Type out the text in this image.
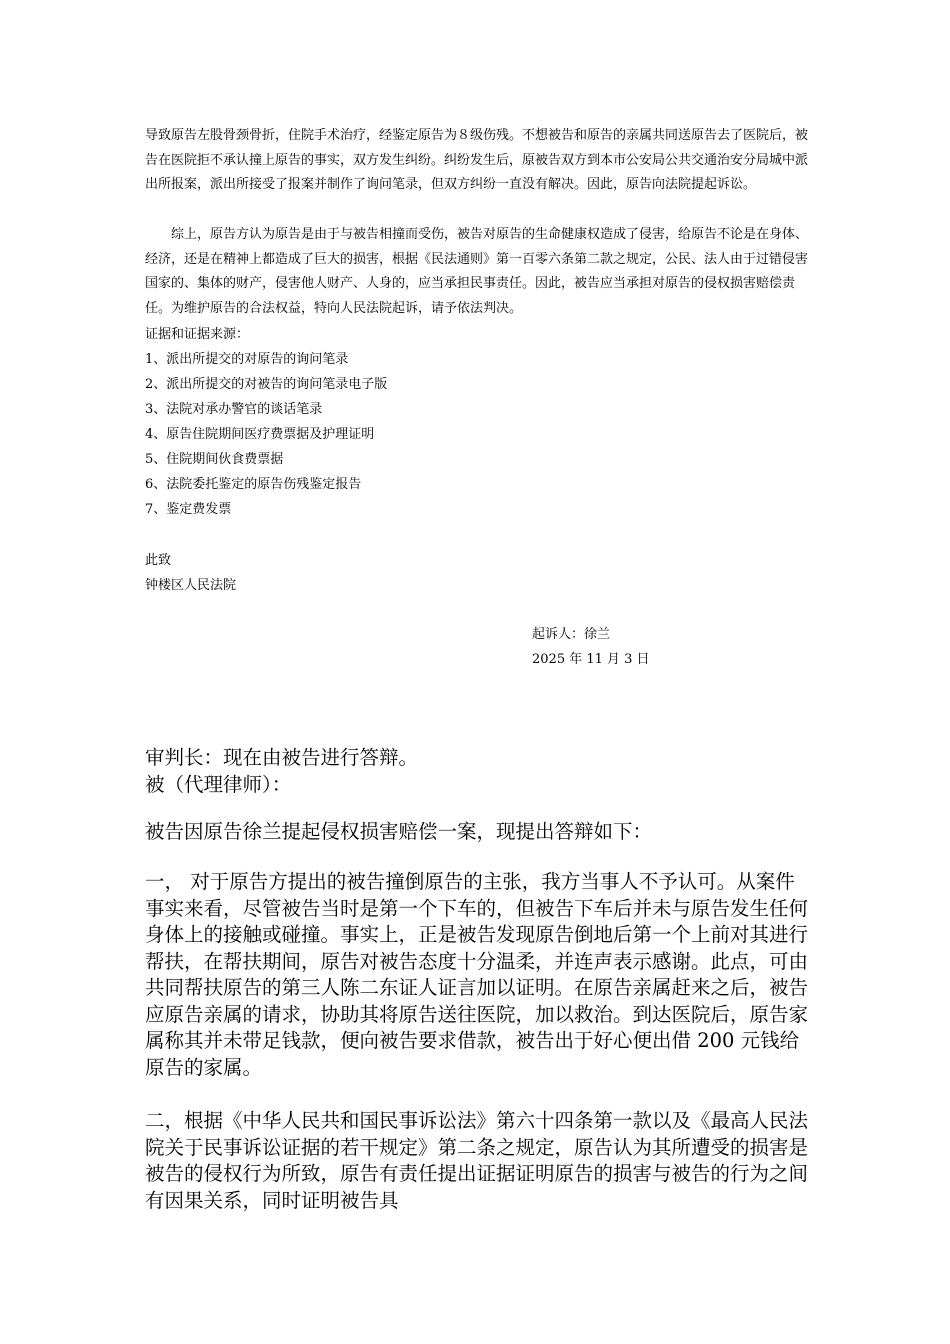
导致原告左股骨颈骨折，住院手术治疗，经鉴定原告为８级伤残。不想被告和原告的亲属共同送原告去了医院后，被告在医院拒不承认撞上原告的事实，双方发生纠纷。纠纷发生后，原被告双方到本市公安局公共交通治安分局城中派出所报案，派出所接受了报案并制作了询问笔录，但双方纠纷一直没有解决。因此，原告向法院提起诉讼。

综上，原告方认为原告是由于与被告相撞而受伤，被告对原告的生命健康权造成了侵害，给原告不论是在身体、经济，还是在精神上都造成了巨大的损害，根据《民法通则》第一百零六条第二款之规定，公民、法人由于过错侵害国家的、集体的财产，侵害他人财产、人身的，应当承担民事责任。因此，被告应当承担对原告的侵权损害赔偿责任。为维护原告的合法权益，特向人民法院起诉，请予依法判决。

证据和证据来源：
1、派出所提交的对原告的询问笔录
2、派出所提交的对被告的询问笔录电子版
3、法院对承办警官的谈话笔录
4、原告住院期间医疗费票据及护理证明
5、住院期间伙食费票据
6、法院委托鉴定的原告伤残鉴定报告
7、鉴定费发票
此致
钟楼区人民法院
起诉人：徐兰
2025 年 11 月 3 日
审判长：现在由被告进行答辩。
被（代理律师）：

被告因原告徐兰提起侵权损害赔偿一案，现提出答辩如下：

一， 对于原告方提出的被告撞倒原告的主张，我方当事人不予认可。从案件事实来看，尽管被告当时是第一个下车的，但被告下车后并未与原告发生任何身体上的接触或碰撞。事实上，正是被告发现原告倒地后第一个上前对其进行帮扶，在帮扶期间，原告对被告态度十分温柔，并连声表示感谢。此点，可由共同帮扶原告的第三人陈二东证人证言加以证明。在原告亲属赶来之后，被告应原告亲属的请求，协助其将原告送往医院，加以救治。到达医院后，原告家属称其并未带足钱款，便向被告要求借款，被告出于好心便出借 200 元钱给原告的家属。

二，根据《中华人民共和国民事诉讼法》第六十四条第一款以及《最高人民法院关于民事诉讼证据的若干规定》第二条之规定，原告认为其所遭受的损害是被告的侵权行为所致，原告有责任提出证据证明原告的损害与被告的行为之间有因果关系，同时证明被告具
